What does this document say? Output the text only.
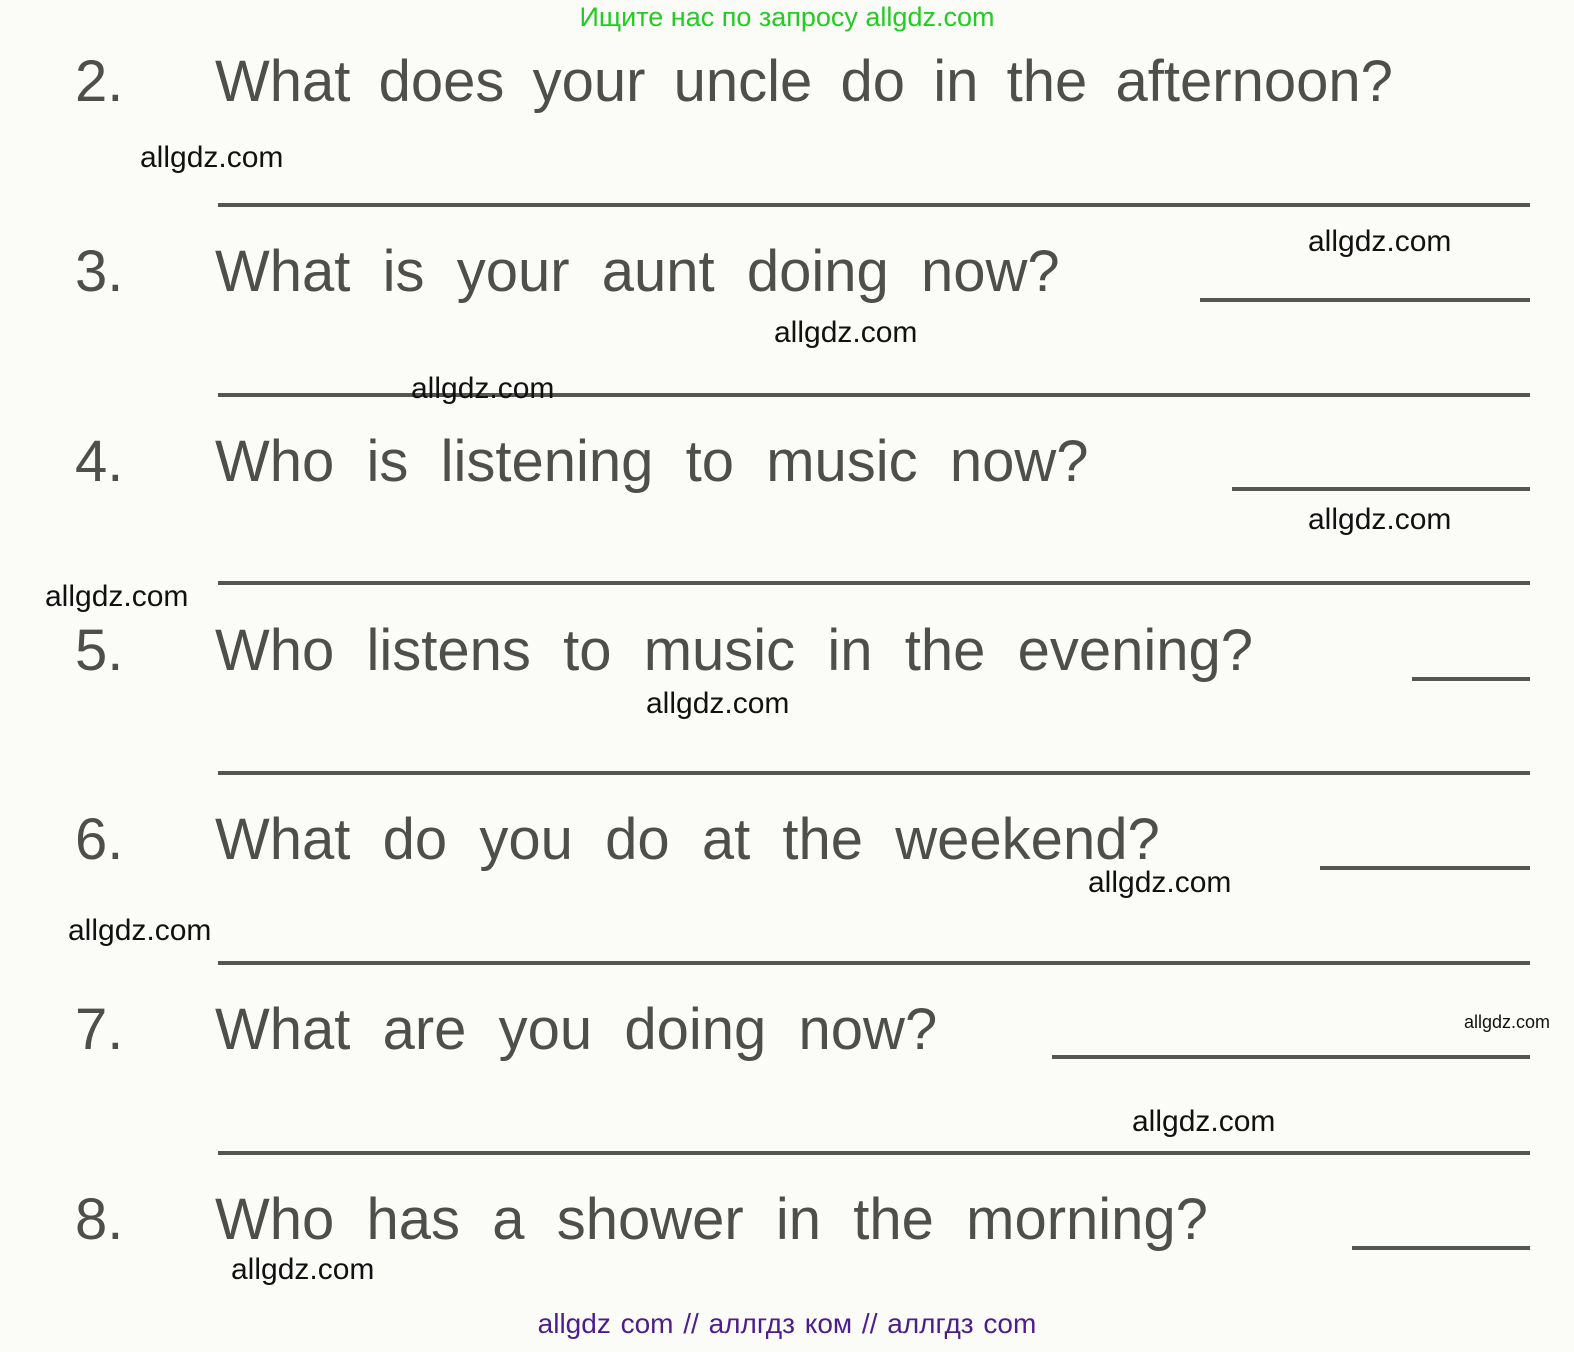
Ищите нас по запросу allgdz.com
2. What  does  your  uncle  do  in  the  afternoon?
3. What  is  your  aunt  doing  now?
4. Who  is  listening  to  music  now?
5. Who  listens  to  music  in  the  evening?
6. What  do  you  do  at  the  weekend?
7. What  are  you  doing  now?
8. Who  has  a  shower  in  the  morning?
allgdz.com
allgdz.com
allgdz.com
allgdz.com
allgdz.com
allgdz.com
allgdz.com
allgdz.com
allgdz.com
allgdz.com
allgdz.com
allgdz.com
allgdz com // аллгдз ком // аллгдз com
